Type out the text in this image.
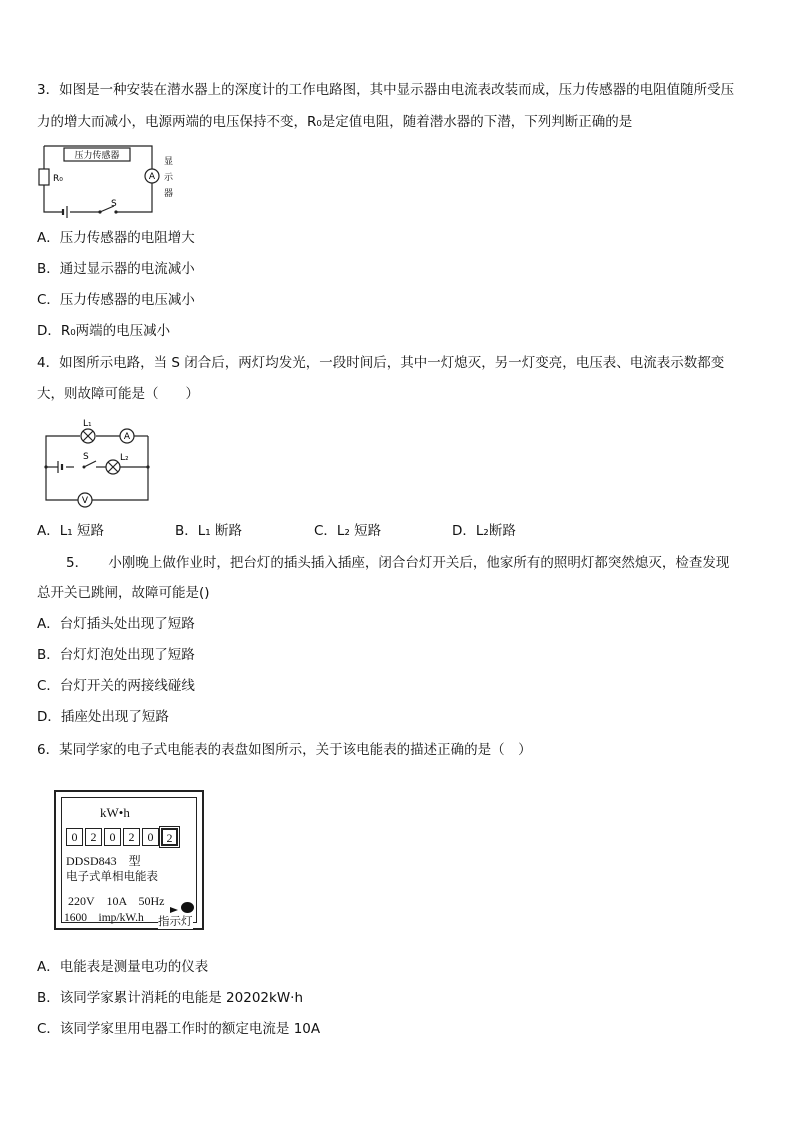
3．如图是一种安装在潜水器上的深度计的工作电路图，其中显示器由电流表改装而成，压力传感器的电阻值随所受压
力的增大而减小，电源两端的电压保持不变，R₀是定值电阻，随着潜水器的下潜，下列判断正确的是
压力传感器
R₀	A
显
示
器
S
A．压力传感器的电阻增大
B．通过显示器的电流减小
C．压力传感器的电压减小
D．R₀两端的电压减小
4．如图所示电路，当 S 闭合后，两灯均发光，一段时间后，其中一灯熄灭，另一灯变亮，电压表、电流表示数都变
大，则故障可能是（　　）
L₁
A
S	L₂
V
A．L₁ 短路	B．L₁ 断路	C．L₂ 短路	D．L₂断路
5．　　小刚晚上做作业时，把台灯的插头插入插座，闭合台灯开关后，他家所有的照明灯都突然熄灭，检查发现
总开关已跳闸，故障可能是()
A．台灯插头处出现了短路
B．台灯灯泡处出现了短路
C．台灯开关的两接线碰线
D．插座处出现了短路
6．某同学家的电子式电能表的表盘如图所示，关于该电能表的描述正确的是（　）
kW•h
0	2	0	2	0	2
DDSD843　型
电子式单相电能表
220V　10A　50Hz
1600　imp/kW.h 指示灯
A．电能表是测量电功的仪表
B．该同学家累计消耗的电能是 20202kW·h
C．该同学家里用电器工作时的额定电流是 10A
